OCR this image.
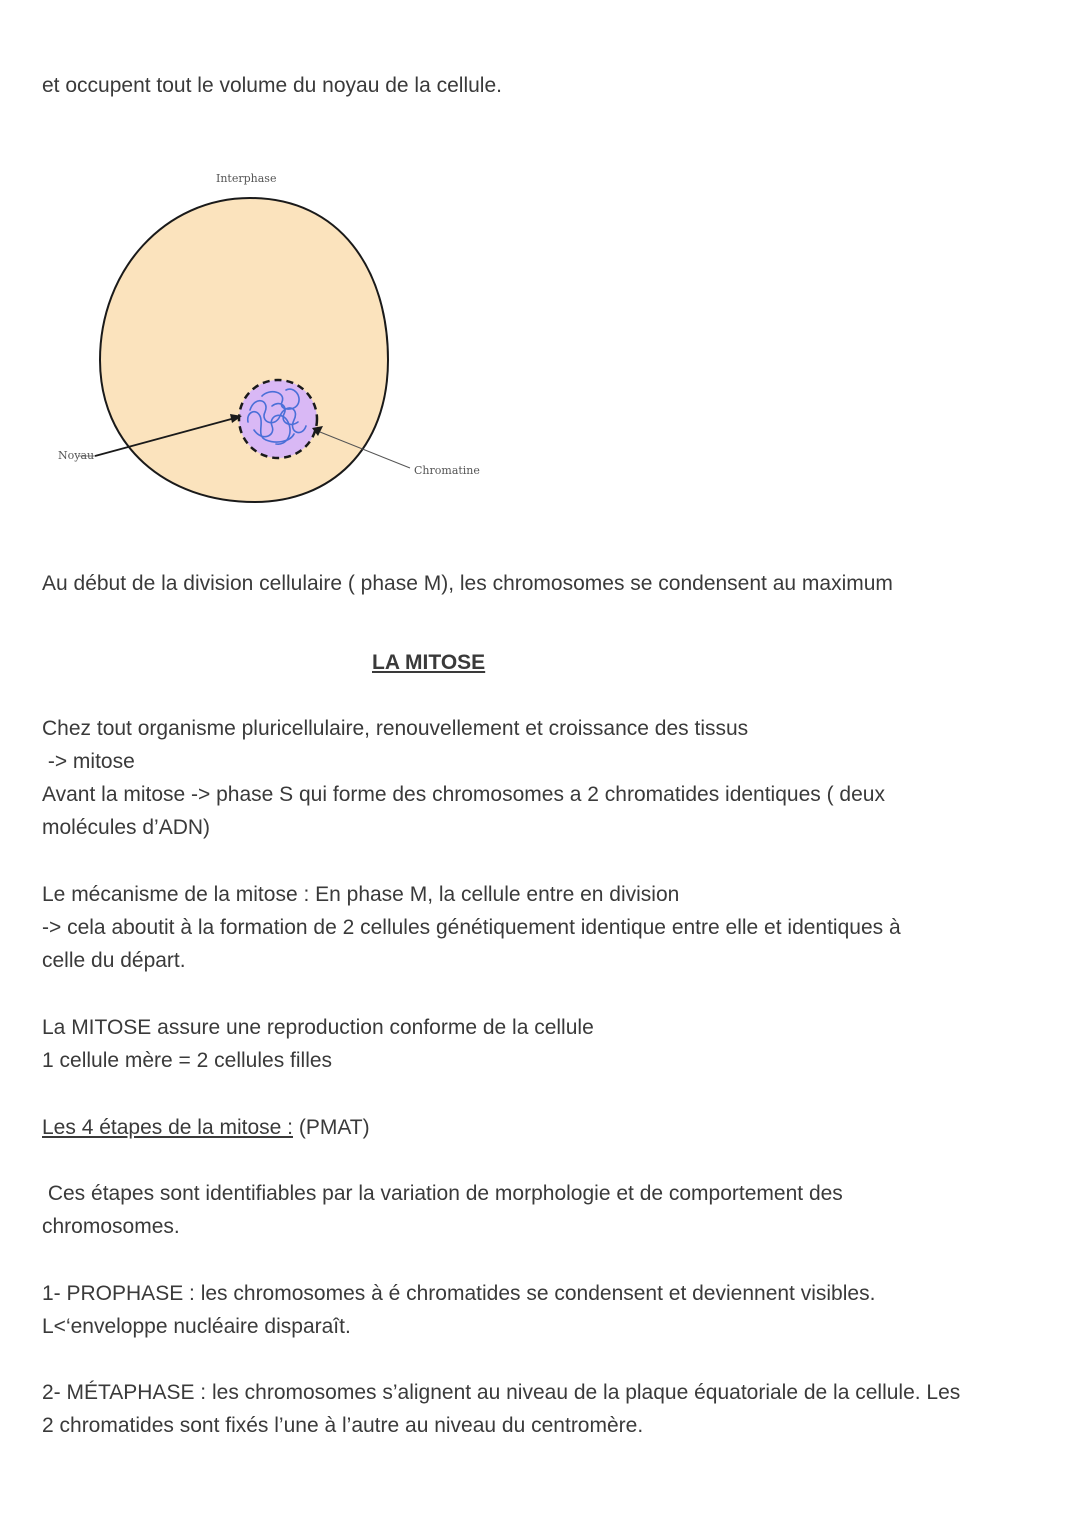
et occupent tout le volume du noyau de la cellule.

Interphase
Noyau
Chromatine

Au début de la division cellulaire ( phase M), les chromosomes se condensent au maximum

LA MITOSE

Chez tout organisme pluricellulaire, renouvellement et croissance des tissus

-> mitose

Avant la mitose -> phase S qui forme des chromosomes a 2 chromatides identiques ( deux

molécules d’ADN)

Le mécanisme de la mitose : En phase M, la cellule entre en division

-> cela aboutit à la formation de 2 cellules génétiquement identique entre elle et identiques à

celle du départ.

La MITOSE assure une reproduction conforme de la cellule

1 cellule mère = 2 cellules filles

Les 4 étapes de la mitose : (PMAT)

Ces étapes sont identifiables par la variation de morphologie et de comportement des

chromosomes.

1- PROPHASE : les chromosomes à é chromatides se condensent et deviennent visibles.

L<‘enveloppe nucléaire disparaît.

2- MÉTAPHASE : les chromosomes s’alignent au niveau de la plaque équatoriale de la cellule. Les

2 chromatides sont fixés l’une à l’autre au niveau du centromère.
